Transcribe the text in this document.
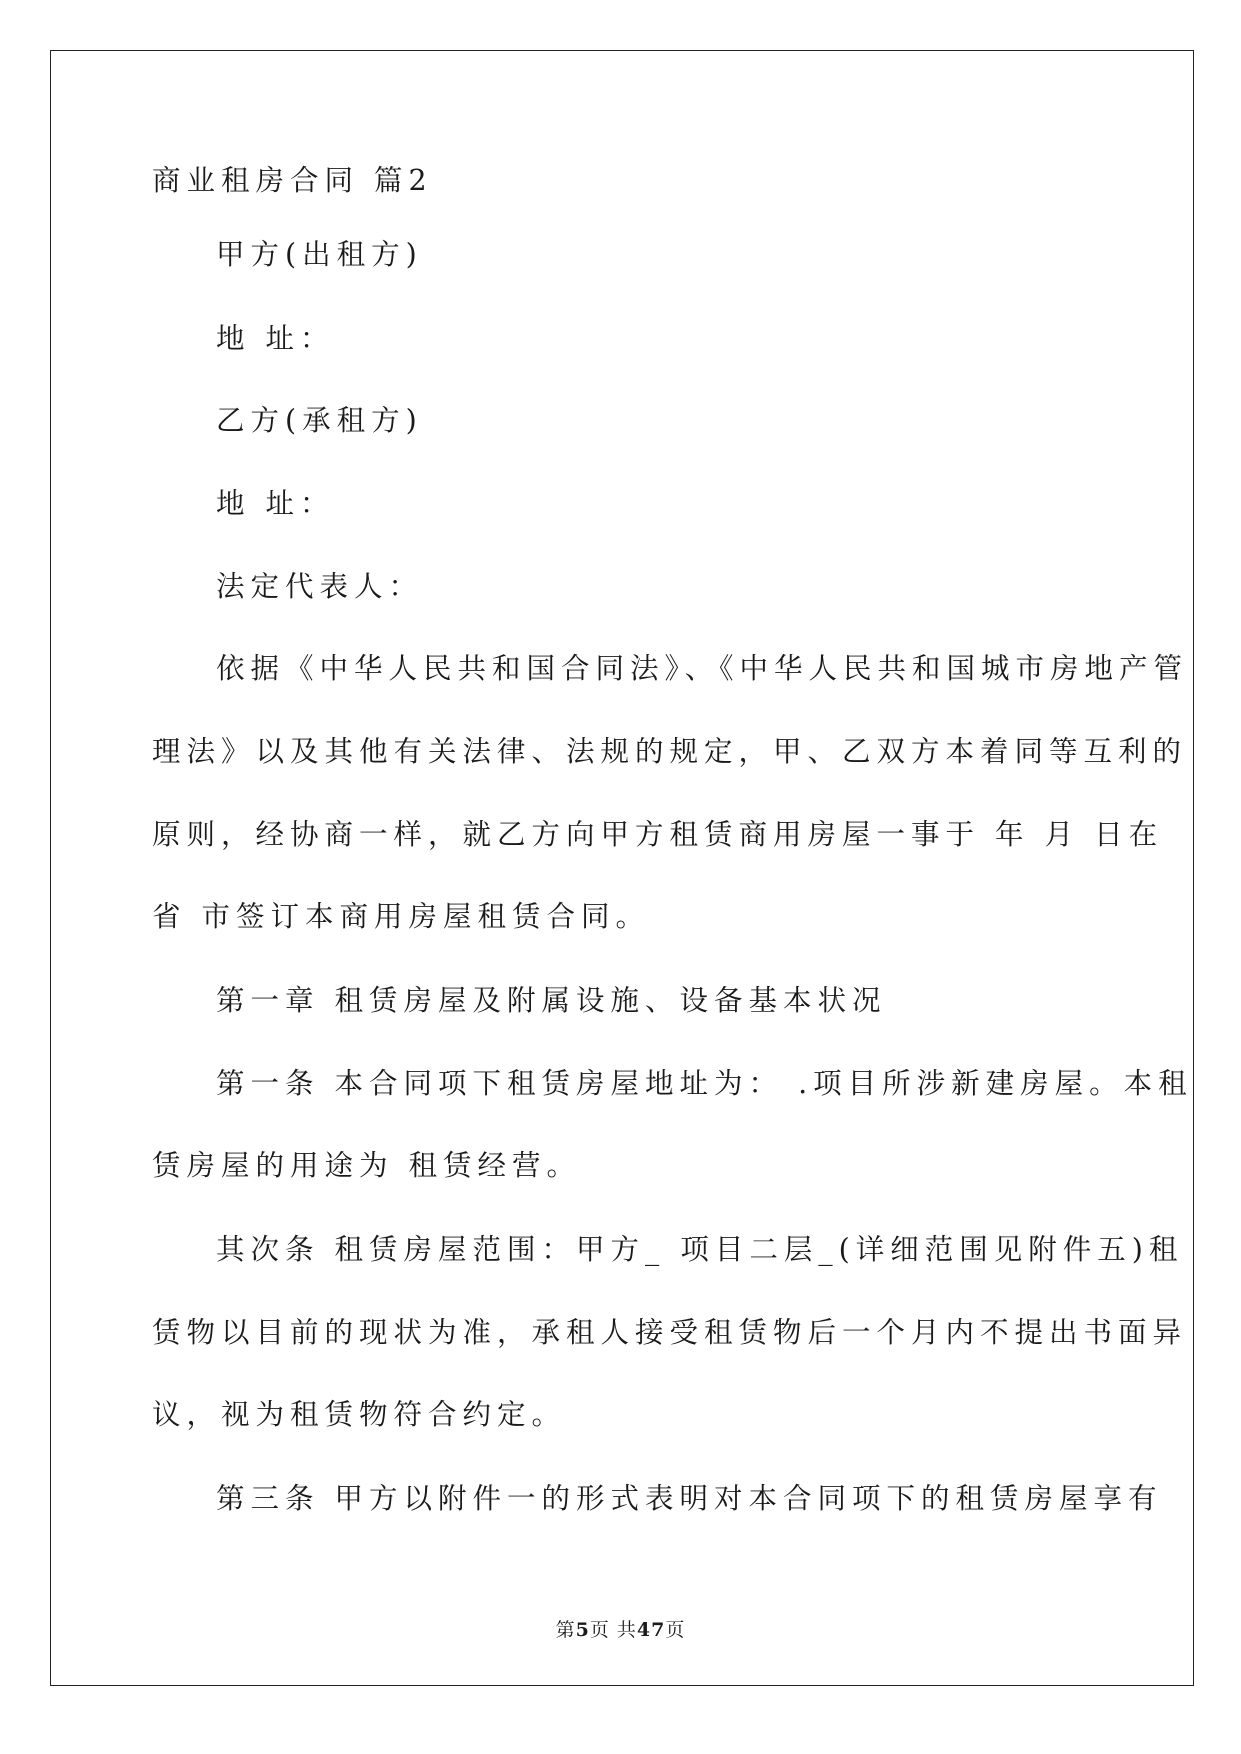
商业租房合同 篇2

甲方(出租方)

地 址：

乙方(承租方)

地 址：

法定代表人：

依据《中华人民共和国合同法》、《中华人民共和国城市房地产管

理法》以及其他有关法律、法规的规定，甲、乙双方本着同等互利的

原则，经协商一样，就乙方向甲方租赁商用房屋一事于 年 月 日在

省 市签订本商用房屋租赁合同。

第一章 租赁房屋及附属设施、设备基本状况

第一条 本合同项下租赁房屋地址为： .项目所涉新建房屋。本租

赁房屋的用途为 租赁经营。

其次条 租赁房屋范围：甲方_ 项目二层_(详细范围见附件五)租

赁物以目前的现状为准，承租人接受租赁物后一个月内不提出书面异

议，视为租赁物符合约定。

第三条 甲方以附件一的形式表明对本合同项下的租赁房屋享有

第5页 共47页
